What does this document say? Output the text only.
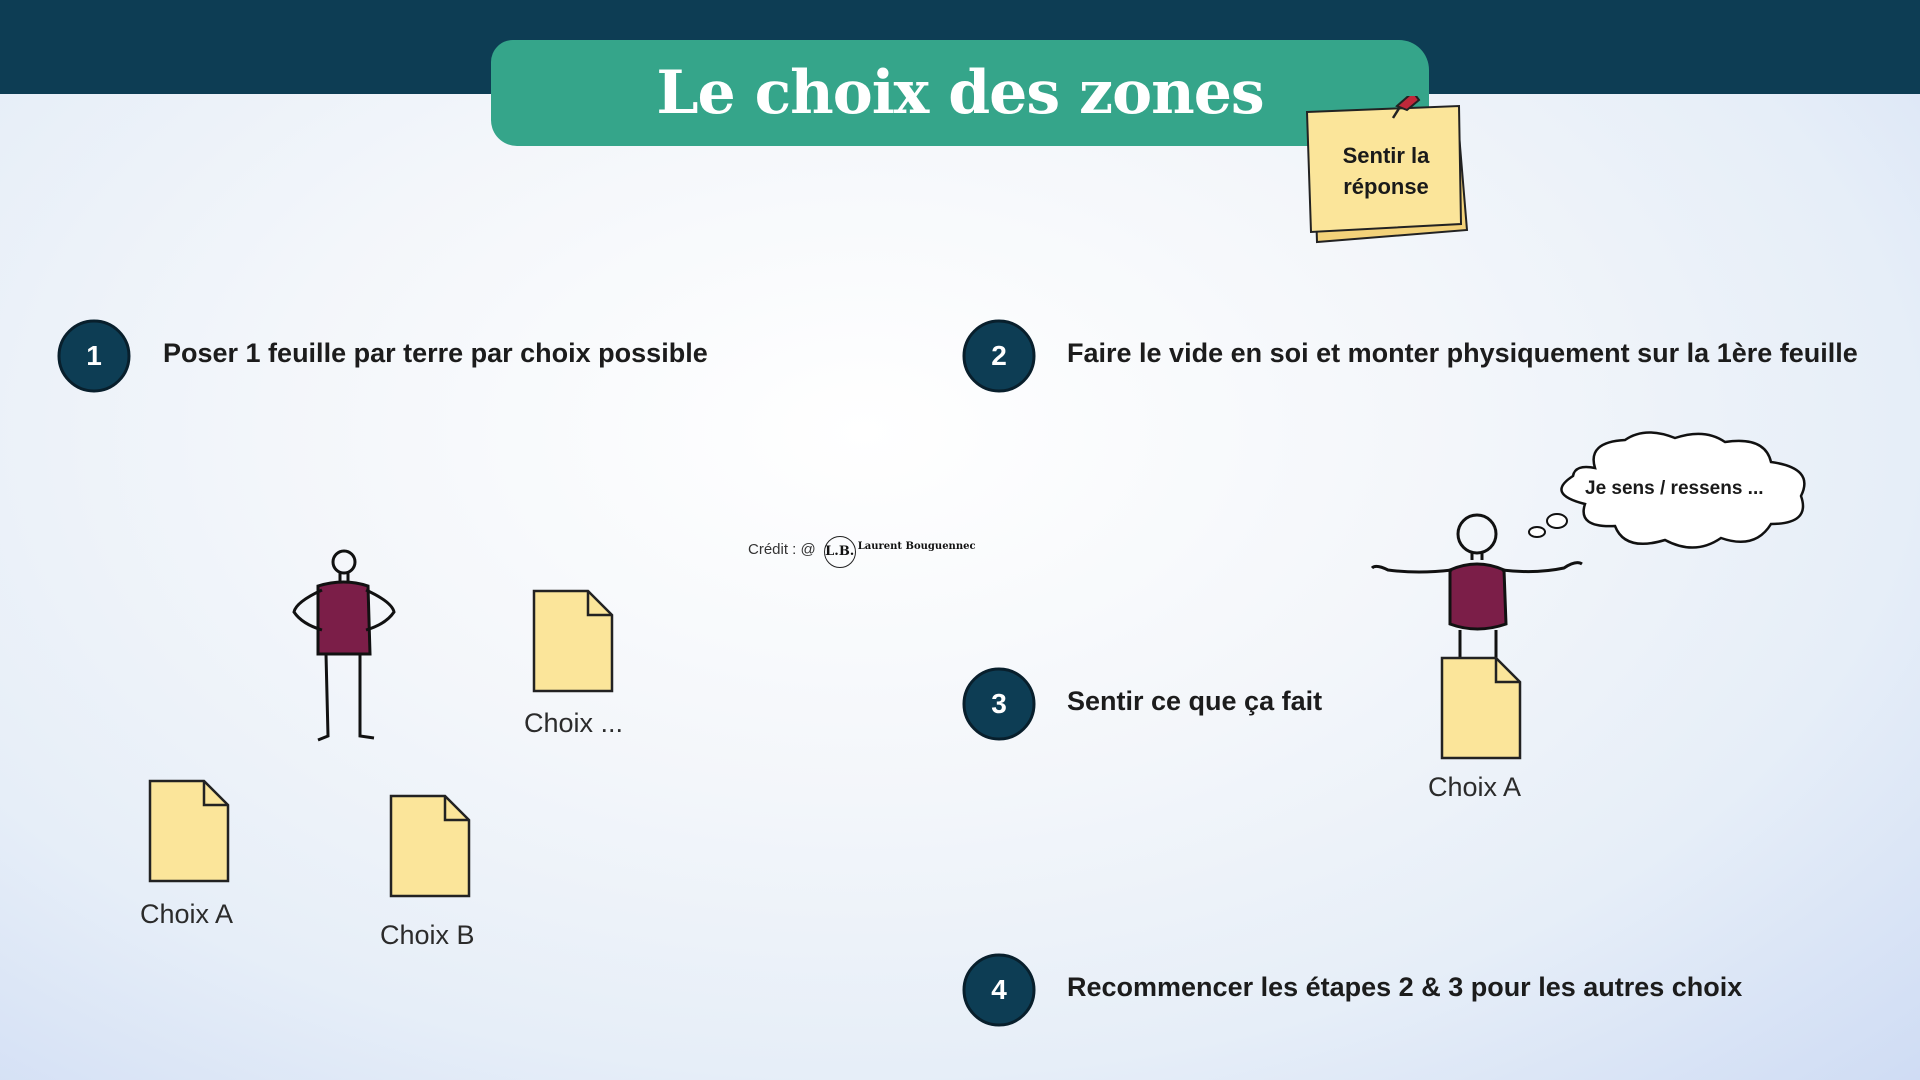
Le choix des zones
Sentir la réponse
1	Poser 1 feuille par terre par choix possible	2	Faire le vide en soi et monter physiquement sur la 1ère feuille
3	Sentir ce que ça fait
4	Recommencer les étapes 2 & 3 pour les autres choix
Choix A
Choix B
Choix ...
Crédit : @ L.B. Laurent Bouguennec
Je sens / ressens ...
Choix A
